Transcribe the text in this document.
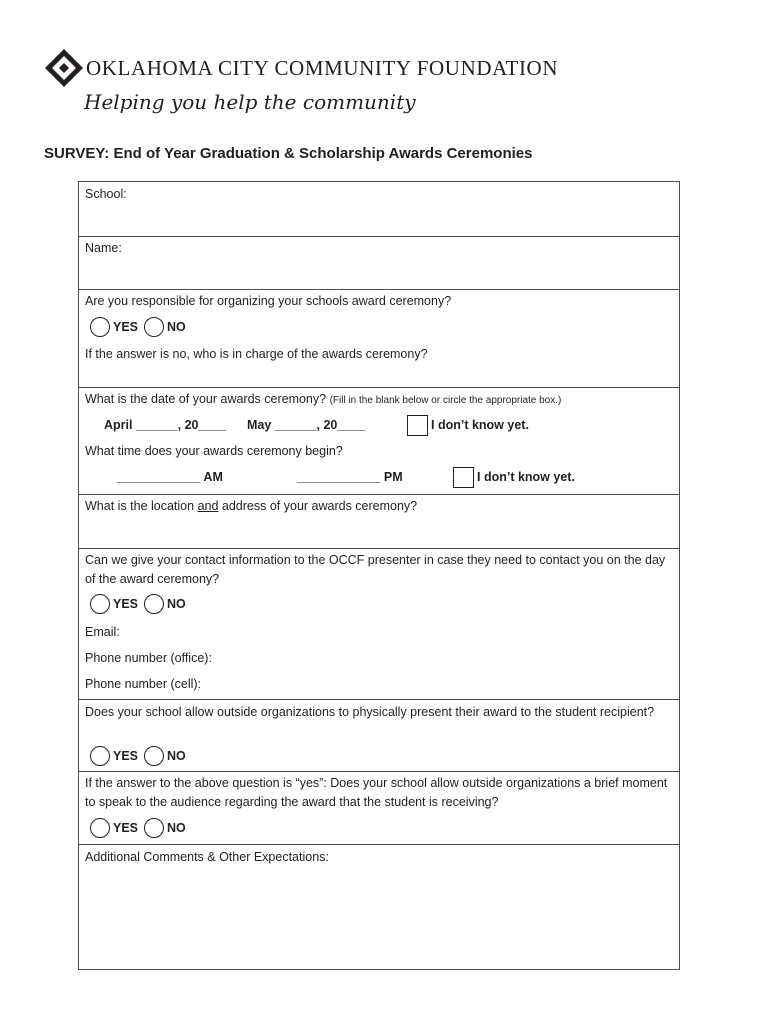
OKLAHOMA CITY COMMUNITY FOUNDATION
Helping you help the community
SURVEY: End of Year Graduation & Scholarship Awards Ceremonies
School:
Name:
Are you responsible for organizing your schools award ceremony?
YES NO
If the answer is no, who is in charge of the awards ceremony?
What is the date of your awards ceremony? (Fill in the blank below or circle the appropriate box.)
April ______, 20____ May ______, 20____	I don’t know yet.
What time does your awards ceremony begin?
____________ AM	____________ PM	I don’t know yet.
What is the location and address of your awards ceremony?
Can we give your contact information to the OCCF presenter in case they need to contact you on the day of the award ceremony?
YES NO
Email:
Phone number (office):
Phone number (cell):
Does your school allow outside organizations to physically present their award to the student recipient?
YES NO
If the answer to the above question is “yes”: Does your school allow outside organizations a brief moment to speak to the audience regarding the award that the student is receiving?
YES NO
Additional Comments & Other Expectations:
